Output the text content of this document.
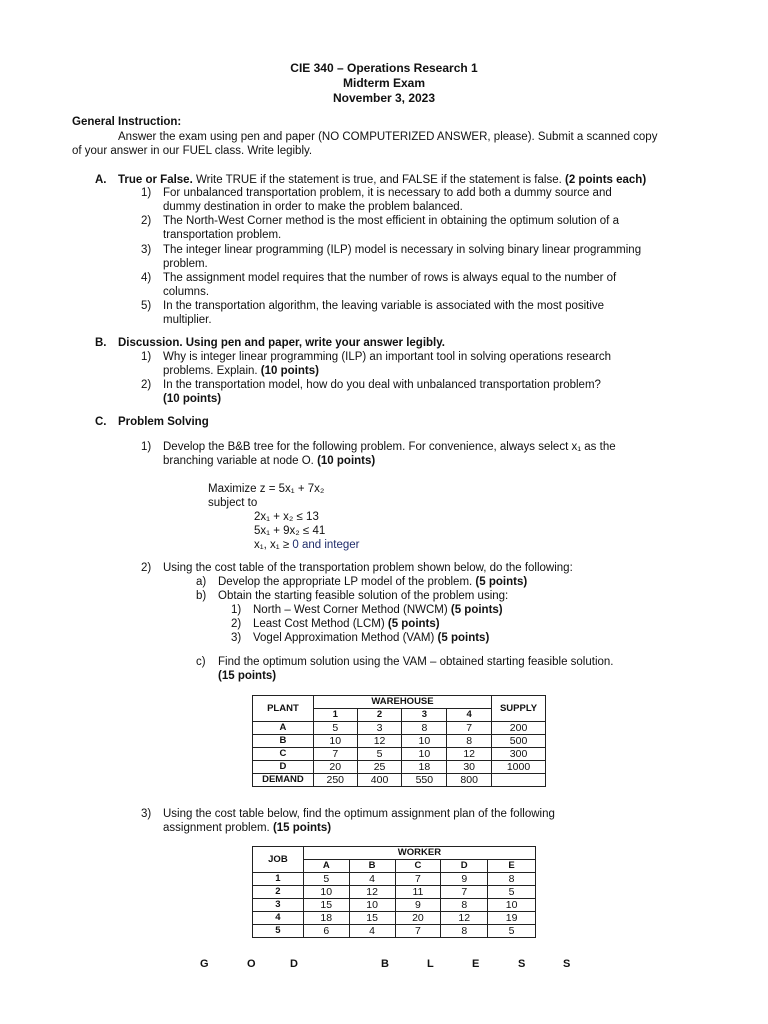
CIE 340 – Operations Research 1
Midterm Exam
November 3, 2023
General Instruction:
Answer the exam using pen and paper (NO COMPUTERIZED ANSWER, please). Submit a scanned copy
of your answer in our FUEL class. Write legibly.
A. True or False. Write TRUE if the statement is true, and FALSE if the statement is false. (2 points each)
1) For unbalanced transportation problem, it is necessary to add both a dummy source and
dummy destination in order to make the problem balanced.
2) The North-West Corner method is the most efficient in obtaining the optimum solution of a
transportation problem.
3) The integer linear programming (ILP) model is necessary in solving binary linear programming
problem.
4) The assignment model requires that the number of rows is always equal to the number of
columns.
5) In the transportation algorithm, the leaving variable is associated with the most positive
multiplier.
B. Discussion. Using pen and paper, write your answer legibly.
1) Why is integer linear programming (ILP) an important tool in solving operations research
problems. Explain. (10 points)
2) In the transportation model, how do you deal with unbalanced transportation problem?
(10 points)
C. Problem Solving
1) Develop the B&B tree for the following problem. For convenience, always select x₁ as the
branching variable at node O. (10 points)
Maximize z = 5x₁ + 7x₂
subject to
2x₁ + x₂ ≤ 13
5x₁ + 9x₂ ≤ 41
x₁, x₁ ≥ 0 and integer
2) Using the cost table of the transportation problem shown below, do the following:
a) Develop the appropriate LP model of the problem. (5 points)
b) Obtain the starting feasible solution of the problem using:
1) North – West Corner Method (NWCM) (5 points)
2) Least Cost Method (LCM) (5 points)
3) Vogel Approximation Method (VAM) (5 points)
c) Find the optimum solution using the VAM – obtained starting feasible solution.
(15 points)
PLANT	WAREHOUSE				SUPPLY
	1	2	3	4	
A	5	3	8	7	200
B	10	12	10	8	500
C	7	5	10	12	300
D	20	25	18	30	1000
DEMAND	250	400	550	800	
3) Using the cost table below, find the optimum assignment plan of the following
assignment problem. (15 points)
JOB	WORKER				
	A	B	C	D	E
1	5	4	7	9	8
2	10	12	11	7	5
3	15	10	9	8	10
4	18	15	20	12	19
5	6	4	7	8	5
G	O	D	B	L	E	S	S
